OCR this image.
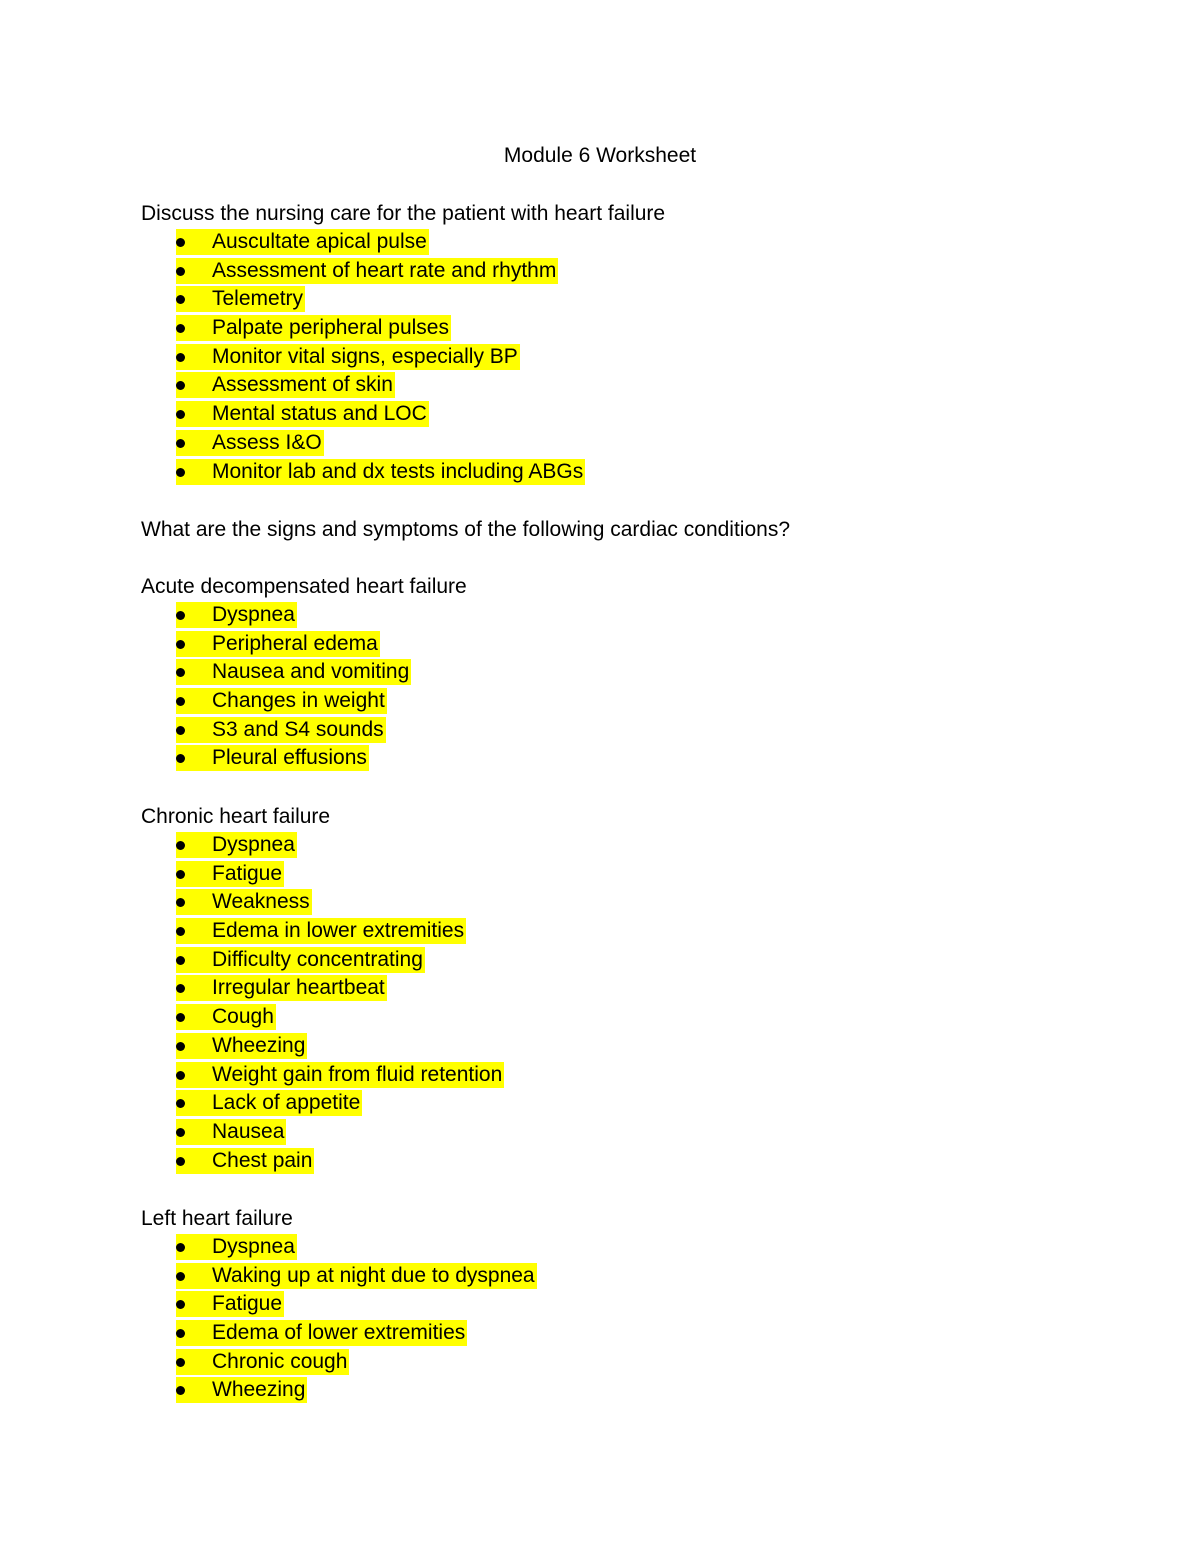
Module 6 Worksheet

Discuss the nursing care for the patient with heart failure

Auscultate apical pulse
Assessment of heart rate and rhythm
Telemetry
Palpate peripheral pulses
Monitor vital signs, especially BP
Assessment of skin
Mental status and LOC
Assess I&O
Monitor lab and dx tests including ABGs

What are the signs and symptoms of the following cardiac conditions?

Acute decompensated heart failure

Dyspnea
Peripheral edema
Nausea and vomiting
Changes in weight
S3 and S4 sounds
Pleural effusions

Chronic heart failure

Dyspnea
Fatigue
Weakness
Edema in lower extremities
Difficulty concentrating
Irregular heartbeat
Cough
Wheezing
Weight gain from fluid retention
Lack of appetite
Nausea
Chest pain

Left heart failure

Dyspnea
Waking up at night due to dyspnea
Fatigue
Edema of lower extremities
Chronic cough
Wheezing
